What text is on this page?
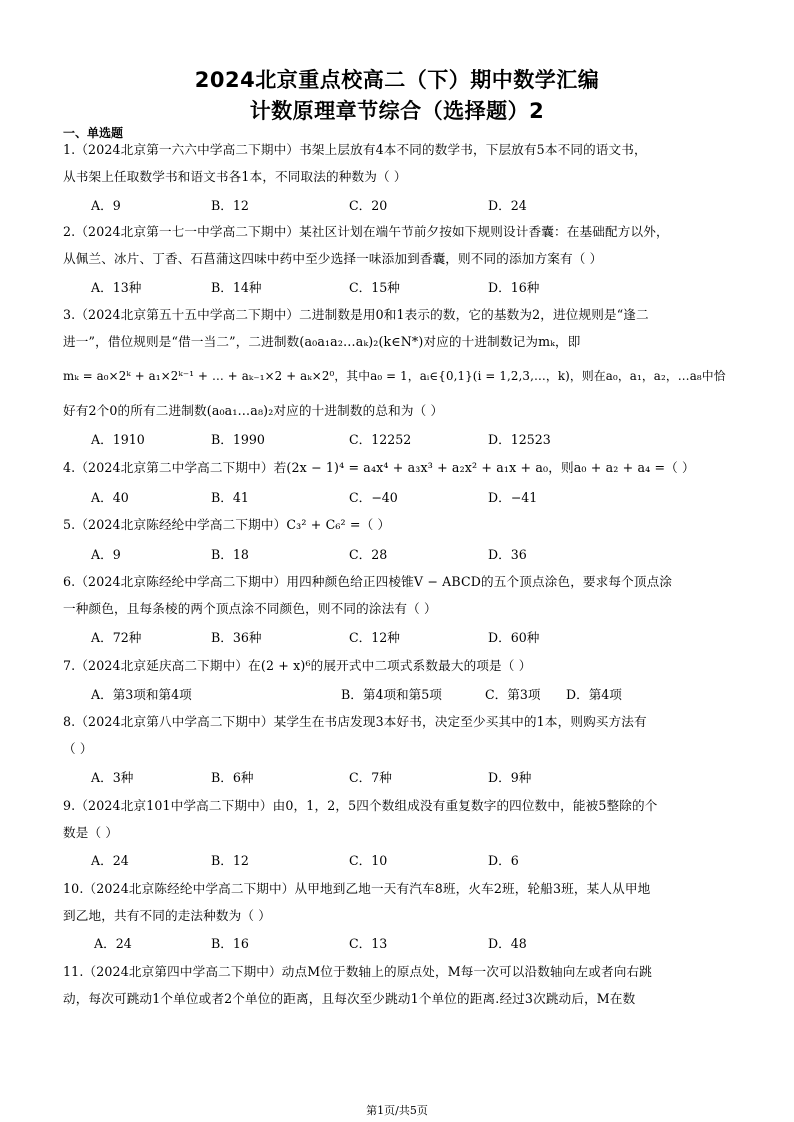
2024北京重点校高二（下）期中数学汇编
计数原理章节综合（选择题）2
一、单选题
1.（2024北京第一六六中学高二下期中）书架上层放有4本不同的数学书，下层放有5本不同的语文书，
从书架上任取数学书和语文书各1本，不同取法的种数为（ ）
A．9	B．12	C．20	D．24
2.（2024北京第一七一中学高二下期中）某社区计划在端午节前夕按如下规则设计香囊：在基础配方以外，
从佩兰、冰片、丁香、石菖蒲这四味中药中至少选择一味添加到香囊，则不同的添加方案有（ ）
A．13种	B．14种	C．15种	D．16种
3.（2024北京第五十五中学高二下期中）二进制数是用0和1表示的数，它的基数为2，进位规则是“逢二
进一”，借位规则是“借一当二”，二进制数(a₀a₁a₂…aₖ)₂(k∈N*)对应的十进制数记为mₖ，即
mₖ = a₀×2ᵏ + a₁×2ᵏ⁻¹ + … + aₖ₋₁×2 + aₖ×2⁰，其中a₀ = 1，aᵢ∈{0,1}(i = 1,2,3,…，k)，则在a₀，a₁，a₂，…a₈中恰
好有2个0的所有二进制数(a₀a₁…a₈)₂对应的十进制数的总和为（ ）
A．1910	B．1990	C．12252	D．12523
4.（2024北京第二中学高二下期中）若(2x − 1)⁴ = a₄x⁴ + a₃x³ + a₂x² + a₁x + a₀，则a₀ + a₂ + a₄ =（ ）
A．40	B．41	C．−40	D．−41
5.（2024北京陈经纶中学高二下期中）C₃² + C₆² =（ ）
A．9	B．18	C．28	D．36
6.（2024北京陈经纶中学高二下期中）用四种颜色给正四棱锥V − ABCD的五个顶点涂色，要求每个顶点涂
一种颜色，且每条棱的两个顶点涂不同颜色，则不同的涂法有（ ）
A．72种	B．36种	C．12种	D．60种
7.（2024北京延庆高二下期中）在(2 + x)⁶的展开式中二项式系数最大的项是（ ）
A．第3项和第4项	B．第4项和第5项	C．第3项 D．第4项
8.（2024北京第八中学高二下期中）某学生在书店发现3本好书，决定至少买其中的1本，则购买方法有
（ ）
A．3种	B．6种	C．7种	D．9种
9.（2024北京101中学高二下期中）由0，1，2，5四个数组成没有重复数字的四位数中，能被5整除的个
数是（ ）
A．24	B．12	C．10	D．6
10.（2024北京陈经纶中学高二下期中）从甲地到乙地一天有汽车8班，火车2班，轮船3班，某人从甲地
到乙地，共有不同的走法种数为（ ）
A．24	B．16	C．13	D．48
11.（2024北京第四中学高二下期中）动点M位于数轴上的原点处，M每一次可以沿数轴向左或者向右跳
动，每次可跳动1个单位或者2个单位的距离，且每次至少跳动1个单位的距离.经过3次跳动后，M在数
第1页/共5页
